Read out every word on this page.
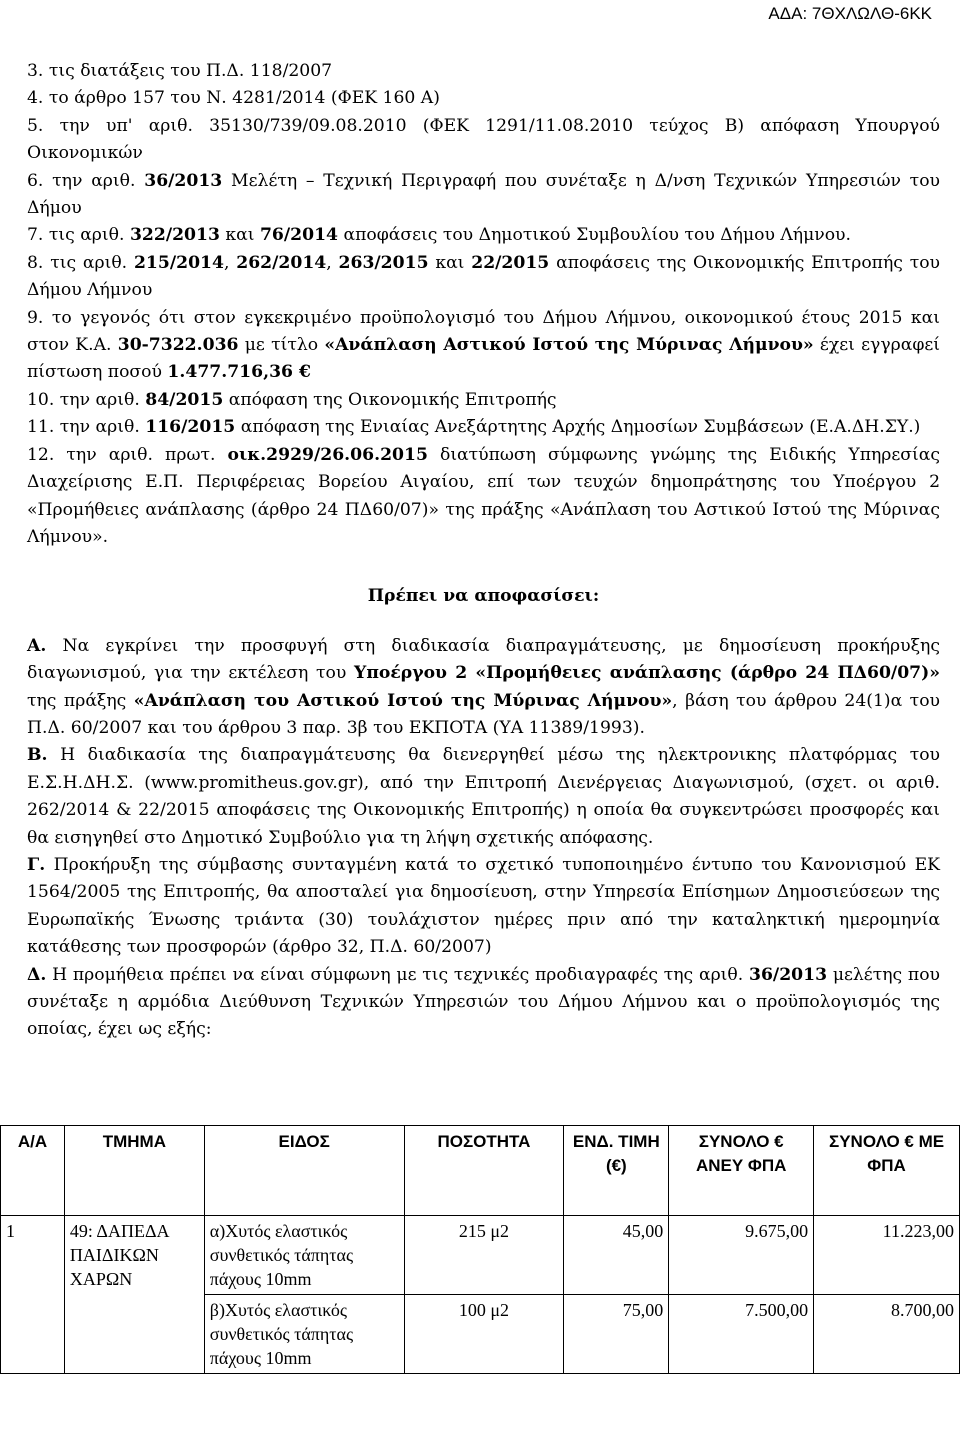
ΑΔΑ: 7ΘΧΛΩΛΘ-6ΚΚ

3. τις διατάξεις του Π.Δ. 118/2007

4. το άρθρο 157 του Ν. 4281/2014 (ΦΕΚ 160 Α)

5. την υπ' αριθ. 35130/739/09.08.2010 (ΦΕΚ 1291/11.08.2010 τεύχος Β) απόφαση Υπουργού Οικονομικών

6. την αριθ. 36/2013 Μελέτη – Τεχνική Περιγραφή που συνέταξε η Δ/νση Τεχνικών Υπηρεσιών του Δήμου

7. τις αριθ. 322/2013 και 76/2014 αποφάσεις του Δημοτικού Συμβουλίου του Δήμου Λήμνου.

8. τις αριθ. 215/2014, 262/2014, 263/2015 και 22/2015 αποφάσεις της Οικονομικής Επιτροπής του Δήμου Λήμνου

9. το γεγονός ότι στον εγκεκριμένο προϋπολογισμό του Δήμου Λήμνου, οικονομικού έτους 2015 και στον Κ.Α. 30-7322.036 με τίτλο «Ανάπλαση Αστικού Ιστού της Μύρινας Λήμνου» έχει εγγραφεί πίστωση ποσού 1.477.716,36 €

10. την αριθ. 84/2015 απόφαση της Οικονομικής Επιτροπής

11. την αριθ. 116/2015 απόφαση της Ενιαίας Ανεξάρτητης Αρχής Δημοσίων Συμβάσεων (Ε.Α.ΔΗ.ΣΥ.)

12. την αριθ. πρωτ. οικ.2929/26.06.2015 διατύπωση σύμφωνης γνώμης της Ειδικής Υπηρεσίας Διαχείρισης Ε.Π. Περιφέρειας Βορείου Αιγαίου, επί των τευχών δημοπράτησης του Υποέργου 2 «Προμήθειες ανάπλασης (άρθρο 24 ΠΔ60/07)» της πράξης «Ανάπλαση του Αστικού Ιστού της Μύρινας Λήμνου».

Πρέπει να αποφασίσει:

Α. Να εγκρίνει την προσφυγή στη διαδικασία διαπραγμάτευσης, με δημοσίευση προκήρυξης διαγωνισμού, για την εκτέλεση του Υποέργου 2 «Προμήθειες ανάπλασης (άρθρο 24 ΠΔ60/07)» της πράξης «Ανάπλαση του Αστικού Ιστού της Μύρινας Λήμνου», βάση του άρθρου 24(1)α του Π.Δ. 60/2007 και του άρθρου 3 παρ. 3β του ΕΚΠΟΤΑ (ΥΑ 11389/1993).

Β. Η διαδικασία της διαπραγμάτευσης θα διενεργηθεί μέσω της ηλεκτρονικης πλατφόρμας του Ε.Σ.Η.ΔΗ.Σ. (www.promitheus.gov.gr), από την Επιτροπή Διενέργειας Διαγωνισμού, (σχετ. οι αριθ. 262/2014 & 22/2015 αποφάσεις της Οικονομικής Επιτροπής) η οποία θα συγκεντρώσει προσφορές και θα εισηγηθεί στο Δημοτικό Συμβούλιο για τη λήψη σχετικής απόφασης.

Γ. Προκήρυξη της σύμβασης συνταγμένη κατά το σχετικό τυποποιημένο έντυπο του Κανονισμού ΕΚ 1564/2005 της Επιτροπής, θα αποσταλεί για δημοσίευση, στην Υπηρεσία Επίσημων Δημοσιεύσεων της Ευρωπαϊκής Ένωσης τριάντα (30) τουλάχιστον ημέρες πριν από την καταληκτική ημερομηνία κατάθεσης των προσφορών (άρθρο 32, Π.Δ. 60/2007)

Δ. Η προμήθεια πρέπει να είναι σύμφωνη με τις τεχνικές προδιαγραφές της αριθ. 36/2013 μελέτης που συνέταξε η αρμόδια Διεύθυνση Τεχνικών Υπηρεσιών του Δήμου Λήμνου και ο προϋπολογισμός της οποίας, έχει ως εξής:

Α/Α	ΤΜΗΜΑ	ΕΙΔΟΣ	ΠΟΣΟΤΗΤΑ	ΕΝΔ. ΤΙΜΗ (€)	ΣΥΝΟΛΟ € ΑΝΕΥ ΦΠΑ	ΣΥΝΟΛΟ € ΜΕ ΦΠΑ
1	49: ΔΑΠΕΔΑ ΠΑΙΔΙΚΩΝ ΧΑΡΩΝ	α)Χυτός ελαστικός συνθετικός τάπητας πάχους 10mm	215 μ2	45,00	9.675,00	11.223,00
		β)Χυτός ελαστικός συνθετικός τάπητας πάχους 10mm	100 μ2	75,00	7.500,00	8.700,00
